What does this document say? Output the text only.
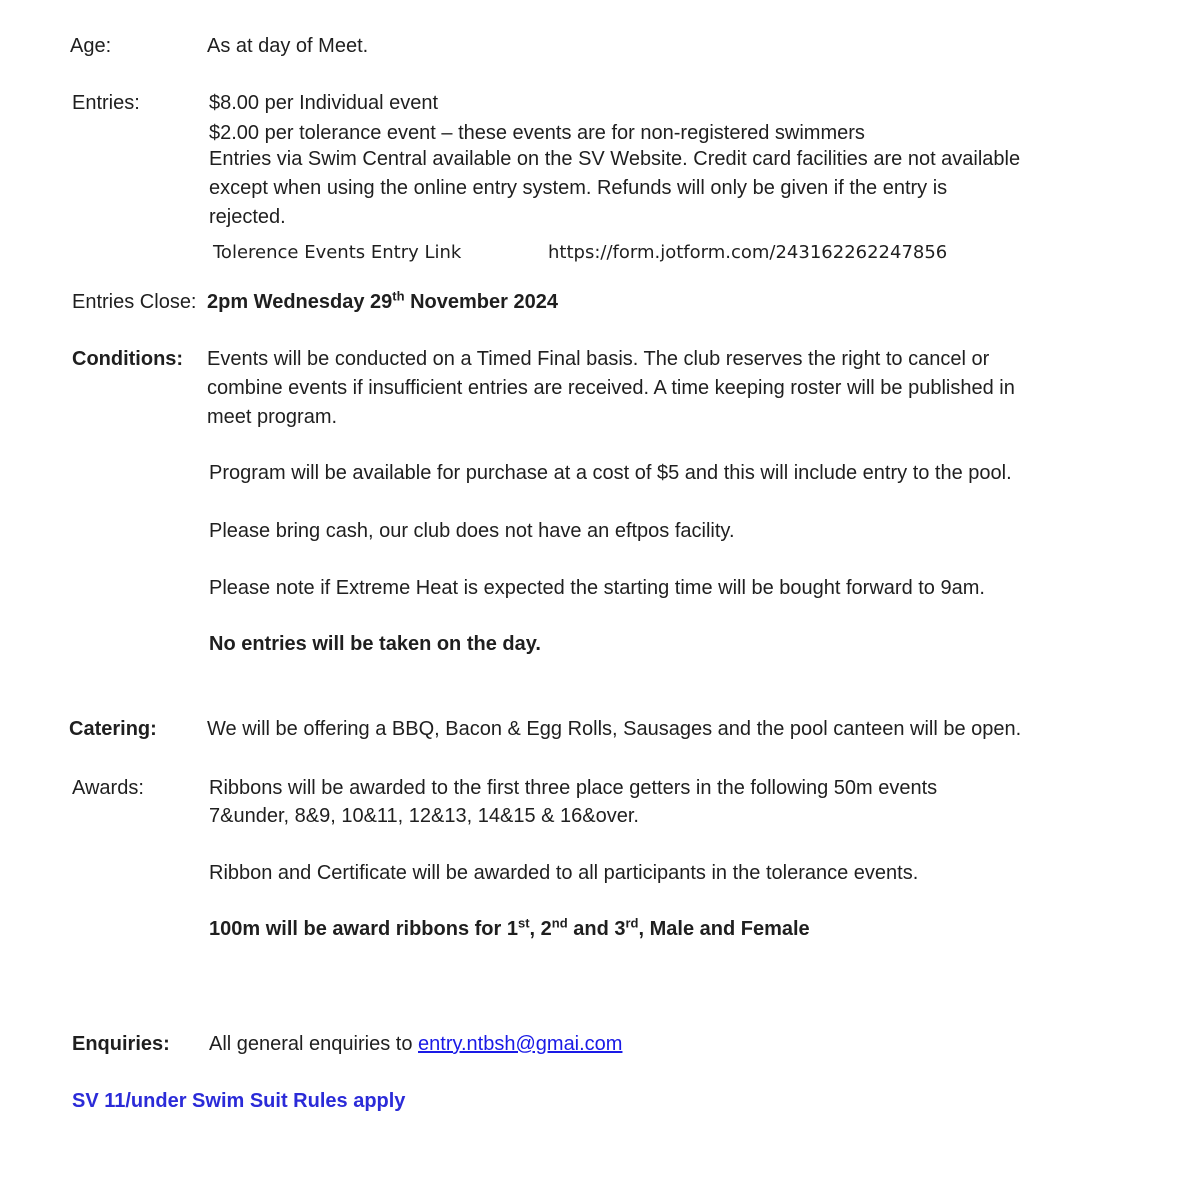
Age:	As at day of Meet.
Entries:	$8.00 per Individual event
$2.00 per tolerance event – these events are for non-registered swimmers
Entries via Swim Central available on the SV Website. Credit card facilities are not available
except when using the online entry system. Refunds will only be given if the entry is
rejected.
Tolerence Events Entry Link	https://form.jotform.com/243162262247856
Entries Close: 2pm Wednesday 29th November 2024
Conditions: Events will be conducted on a Timed Final basis. The club reserves the right to cancel or
combine events if insufficient entries are received. A time keeping roster will be published in
meet program.
Program will be available for purchase at a cost of $5 and this will include entry to the pool.
Please bring cash, our club does not have an eftpos facility.
Please note if Extreme Heat is expected the starting time will be bought forward to 9am.
No entries will be taken on the day.
Catering:	We will be offering a BBQ, Bacon & Egg Rolls, Sausages and the pool canteen will be open.
Awards:	Ribbons will be awarded to the first three place getters in the following 50m events
7&under, 8&9, 10&11, 12&13, 14&15 & 16&over.
Ribbon and Certificate will be awarded to all participants in the tolerance events.
100m will be award ribbons for 1st, 2nd and 3rd, Male and Female
Enquiries: All general enquiries to entry.ntbsh@gmai.com
SV 11/under Swim Suit Rules apply
